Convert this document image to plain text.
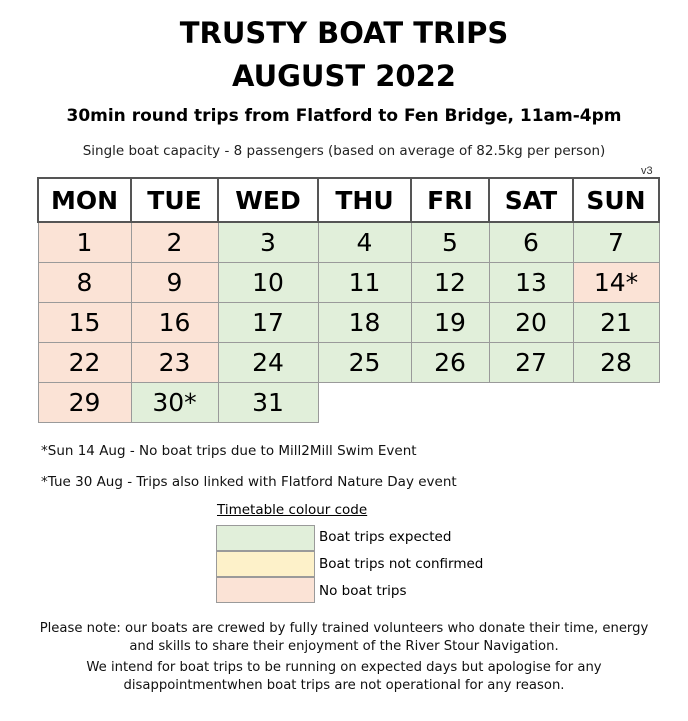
TRUSTY BOAT TRIPS
AUGUST 2022
30min round trips from Flatford to Fen Bridge, 11am-4pm
Single boat capacity - 8 passengers (based on average of 82.5kg per person)
v3
MON	TUE	WED	THU	FRI	SAT	SUN
1	2	3	4	5	6	7
8	9	10	11	12	13	14*
15	16	17	18	19	20	21
22	23	24	25	26	27	28
29	30*	31				
*Sun 14 Aug - No boat trips due to Mill2Mill Swim Event
*Tue 30 Aug - Trips also linked with Flatford Nature Day event
Timetable colour code
Boat trips expected
Boat trips not confirmed
No boat trips
Please note: our boats are crewed by fully trained volunteers who donate their time, energy and skills to share their enjoyment of the River Stour Navigation.
We intend for boat trips to be running on expected days but apologise for any disappointmentwhen boat trips are not operational for any reason.
